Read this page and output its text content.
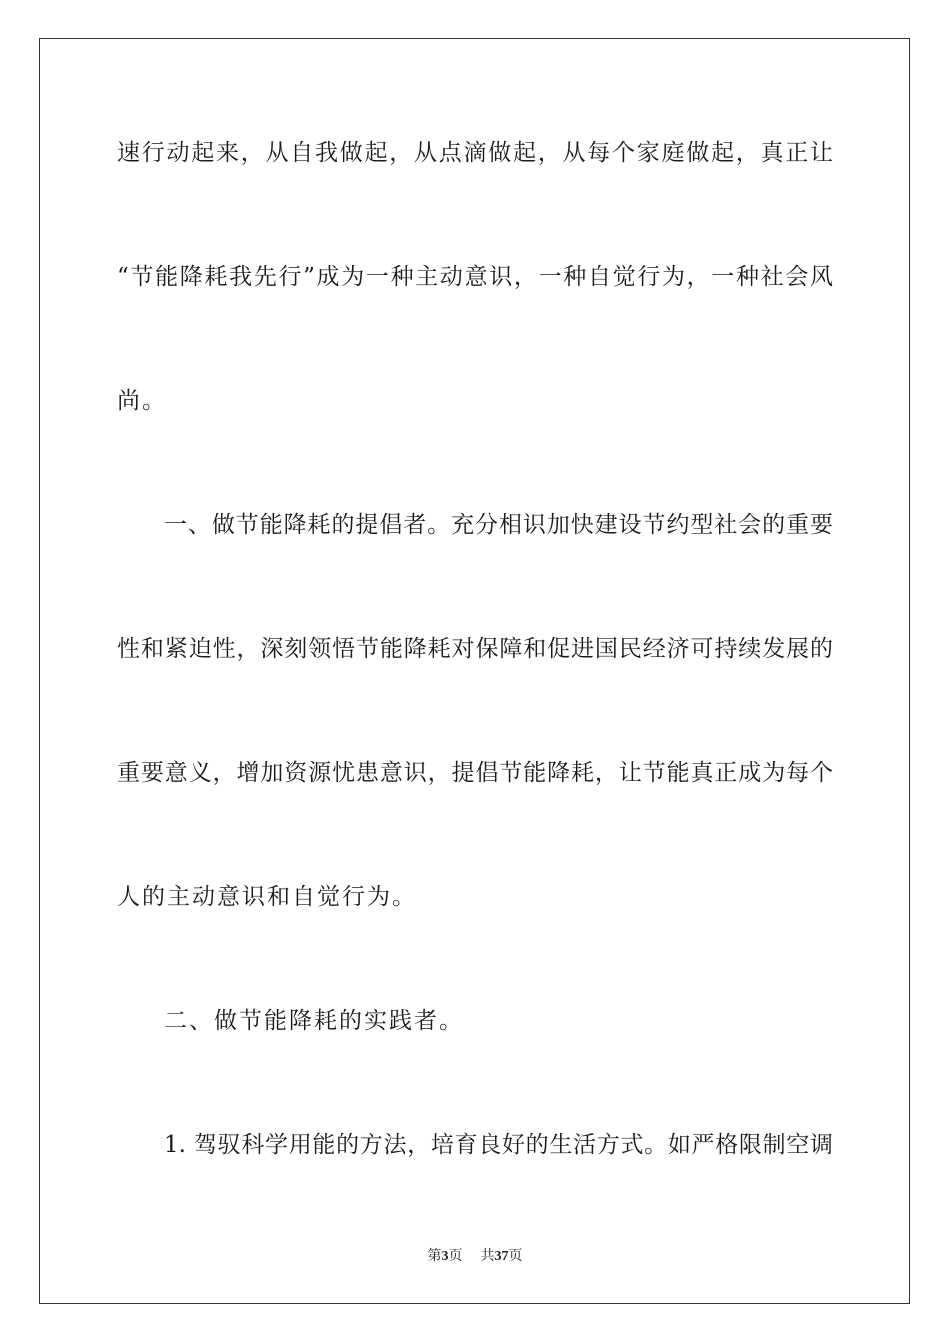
速行动起来，从自我做起，从点滴做起，从每个家庭做起，真正让
“节能降耗我先行”成为一种主动意识，一种自觉行为，一种社会风
尚。
一、做节能降耗的提倡者。充分相识加快建设节约型社会的重要
性和紧迫性，深刻领悟节能降耗对保障和促进国民经济可持续发展的
重要意义，增加资源忧患意识，提倡节能降耗，让节能真正成为每个
人的主动意识和自觉行为。
二、做节能降耗的实践者。
1. 驾驭科学用能的方法，培育良好的生活方式。如严格限制空调
第3页 共37页
